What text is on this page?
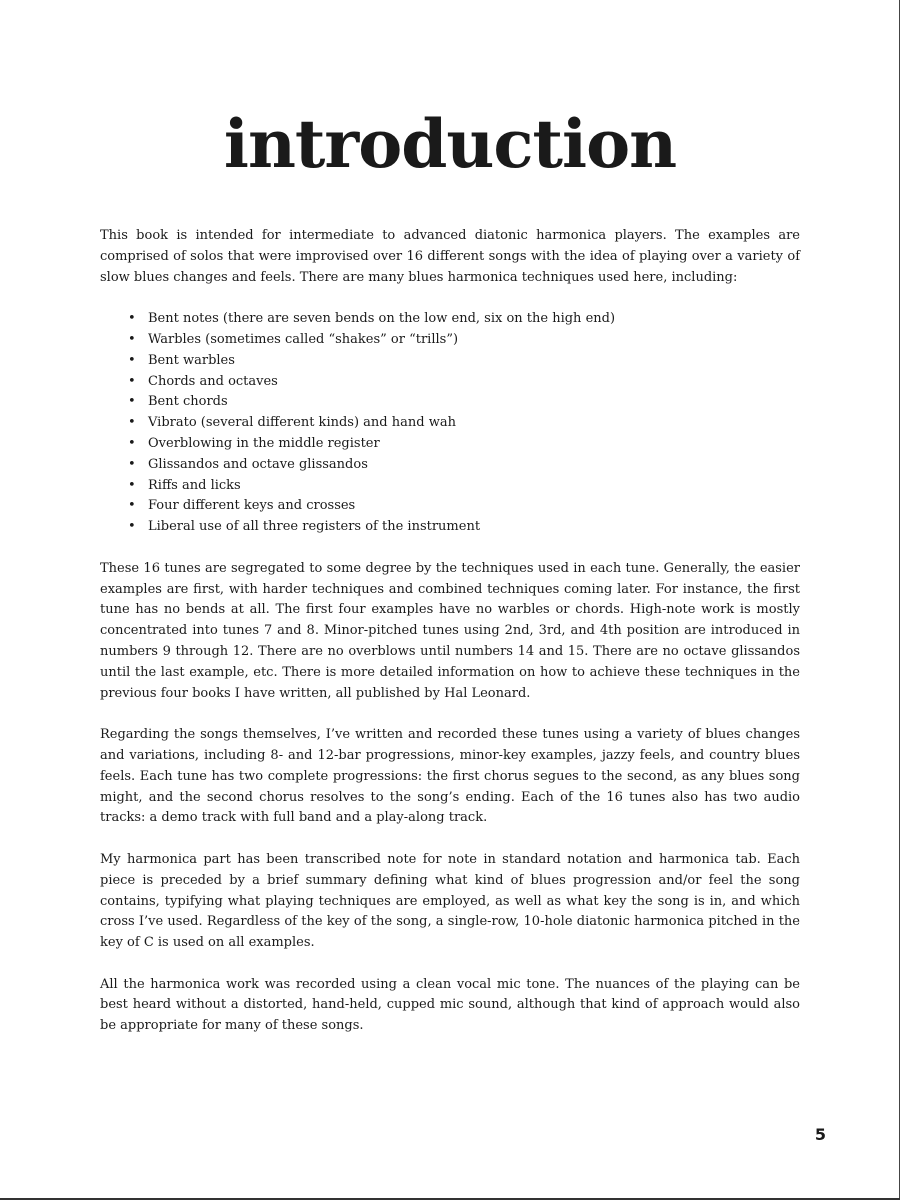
introduction

This book is intended for intermediate to advanced diatonic harmonica players. The examples are comprised of solos that were improvised over 16 different songs with the idea of playing over a variety of slow blues changes and feels. There are many blues harmonica techniques used here, including:

• Bent notes (there are seven bends on the low end, six on the high end)
• Warbles (sometimes called “shakes” or “trills”)
• Bent warbles
• Chords and octaves
• Bent chords
• Vibrato (several different kinds) and hand wah
• Overblowing in the middle register
• Glissandos and octave glissandos
• Riffs and licks
• Four different keys and crosses
• Liberal use of all three registers of the instrument

These 16 tunes are segregated to some degree by the techniques used in each tune. Generally, the easier examples are first, with harder techniques and combined techniques coming later. For instance, the first tune has no bends at all. The first four examples have no warbles or chords. High-note work is mostly concentrated into tunes 7 and 8. Minor-pitched tunes using 2nd, 3rd, and 4th position are introduced in numbers 9 through 12. There are no overblows until numbers 14 and 15. There are no octave glissandos until the last example, etc. There is more detailed information on how to achieve these techniques in the previous four books I have written, all published by Hal Leonard.

Regarding the songs themselves, I’ve written and recorded these tunes using a variety of blues changes and variations, including 8- and 12-bar progressions, minor-key examples, jazzy feels, and country blues feels. Each tune has two complete progressions: the first chorus segues to the second, as any blues song might, and the second chorus resolves to the song’s ending. Each of the 16 tunes also has two audio tracks: a demo track with full band and a play-along track.

My harmonica part has been transcribed note for note in standard notation and harmonica tab. Each piece is preceded by a brief summary defining what kind of blues progression and/or feel the song contains, typifying what playing techniques are employed, as well as what key the song is in, and which cross I’ve used. Regardless of the key of the song, a single-row, 10-hole diatonic harmonica pitched in the key of C is used on all examples.

All the harmonica work was recorded using a clean vocal mic tone. The nuances of the playing can be best heard without a distorted, hand-held, cupped mic sound, although that kind of approach would also be appropriate for many of these songs.

5
